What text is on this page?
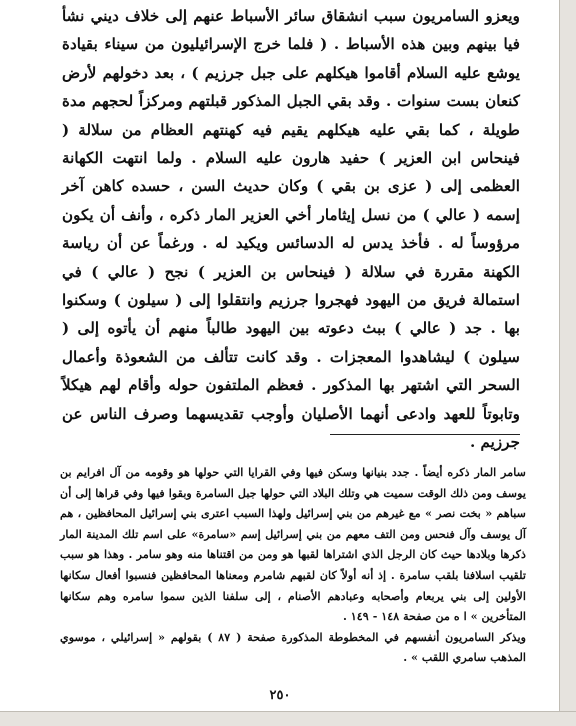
ويعزو السامريون سبب انشقاق سائر الأسباط عنهم إلى خلاف ديني نشأ فيا بينهم وبين هذه الأسباط . ( فلما خرج الإسرائيليون من سيناء بقيادة يوشع عليه السلام أقاموا هيكلهم على جبل جرزيم ) ، بعد دخولهم لأرض كنعان بست سنوات . وقد بقي الجبل المذكور قبلتهم ومركزاً لحجهم مدة طويلة ، كما بقي عليه هيكلهم يقيم فيه كهنتهم العظام من سلالة ( فينحاس ابن العزير ) حفيد هارون عليه السلام . ولما انتهت الكهانة العظمى إلى ( عزى بن بقي ) وكان حديث السن ، حسده كاهن آخر إسمه ( عالي ) من نسل إيثامار أخي العزير المار ذكره ، وأنف أن يكون مرؤوساً له . فأخذ يدس له الدسائس ويكيد له . ورغماً عن أن رياسة الكهنة مقررة في سلالة ( فينحاس بن العزير ) نجح ( عالي ) في استمالة فريق من اليهود فهجروا جرزيم وانتقلوا إلى ( سيلون ) وسكنوا بها . جد ( عالي ) ببث دعوته بين اليهود طالباً منهم أن يأتوه إلى ( سيلون ) ليشاهدوا المعجزات . وقد كانت تتألف من الشعوذة وأعمال السحر التي اشتهر بها المذكور . فعظم الملتفون حوله وأقام لهم هيكلاً وتابوتاً للعهد وادعى أنهما الأصليان وأوجب تقديسهما وصرف الناس عن جرزيم .

سامر المار ذكره أيضاً . جدد بنيانها وسكن فيها وفي القرايا التي حولها هو وقومه من آل افرايم بن يوسف ومن ذلك الوقت سميت هي وتلك البلاد التي حولها جبل السامرة وبقوا فيها وفي قراها إلى أن سباهم « بخت نصر » مع غيرهم من بني إسرائيل ولهذا السبب اعترى بني إسرائيل المحافظين ، هم آل يوسف وآل فنحس ومن التف معهم من بني إسرائيل إسم «سامرة» على اسم تلك المدينة المار ذكرها وبلادها حيث كان الرجل الذي اشتراها لقبها هو ومن من اقتناها منه وهو سامر . وهذا هو سبب تلقيب اسلافنا بلقب سامرة . إذ أنه أولاً كان لقبهم شامرم ومعناها المحافظين فنسبوا أفعال سكانها الأولين إلى بني يربعام وأصحابه وعبادهم الأصنام ، إلى سلفنا الذين سموا سامره وهم سكانها المتأخرين » ا ه من صفحة ١٤٨ - ١٤٩ .

ويذكر السامريون أنفسهم في المخطوطة المذكورة صفحة ( ٨٧ ) بقولهم « إسرائيلي ، موسوي المذهب سامري اللقب » .

٢٥٠
